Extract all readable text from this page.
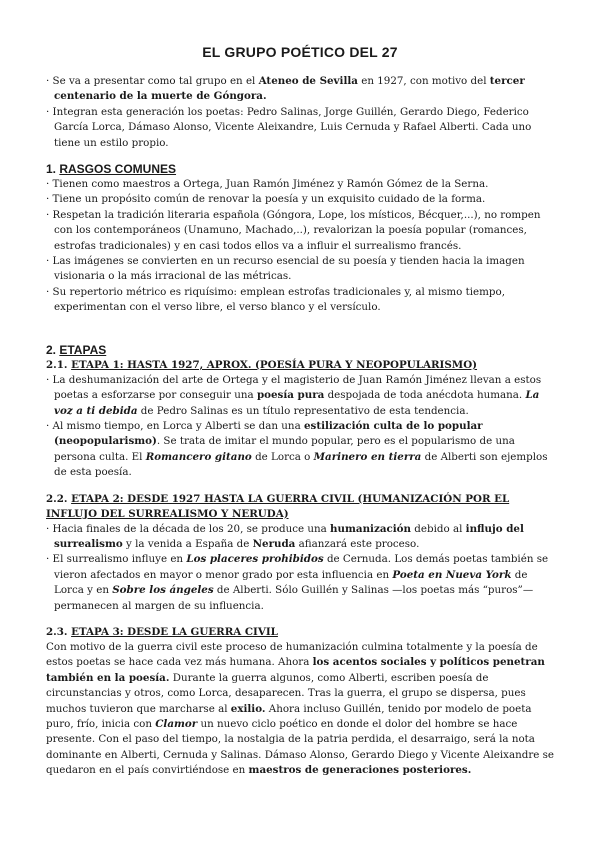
EL GRUPO POÉTICO DEL 27

· Se va a presentar como tal grupo en el Ateneo de Sevilla en 1927, con motivo del tercer centenario de la muerte de Góngora.

· Integran esta generación los poetas: Pedro Salinas, Jorge Guillén, Gerardo Diego, Federico García Lorca, Dámaso Alonso, Vicente Aleixandre, Luis Cernuda y Rafael Alberti. Cada uno tiene un estilo propio.

1. RASGOS COMUNES

· Tienen como maestros a Ortega, Juan Ramón Jiménez y Ramón Gómez de la Serna.

· Tiene un propósito común de renovar la poesía y un exquisito cuidado de la forma.

· Respetan la tradición literaria española (Góngora, Lope, los místicos, Bécquer,...), no rompen con los contemporáneos (Unamuno, Machado,..), revalorizan la poesía popular (romances, estrofas tradicionales) y en casi todos ellos va a influir el surrealismo francés.

· Las imágenes se convierten en un recurso esencial de su poesía y tienden hacia la imagen visionaria o la más irracional de las métricas.

· Su repertorio métrico es riquísimo: emplean estrofas tradicionales y, al mismo tiempo, experimentan con el verso libre, el verso blanco y el versículo.

2. ETAPAS

2.1. ETAPA 1: HASTA 1927, APROX. (POESÍA PURA Y NEOPOPULARISMO)

· La deshumanización del arte de Ortega y el magisterio de Juan Ramón Jiménez llevan a estos poetas a esforzarse por conseguir una poesía pura despojada de toda anécdota humana. La voz a ti debida de Pedro Salinas es un título representativo de esta tendencia.

· Al mismo tiempo, en Lorca y Alberti se dan una estilización culta de lo popular (neopopularismo). Se trata de imitar el mundo popular, pero es el popularismo de una persona culta. El Romancero gitano de Lorca o Marinero en tierra de Alberti son ejemplos de esta poesía.

2.2. ETAPA 2: DESDE 1927 HASTA LA GUERRA CIVIL (HUMANIZACIÓN POR EL INFLUJO DEL SURREALISMO Y NERUDA)

· Hacia finales de la década de los 20, se produce una humanización debido al influjo del surrealismo y la venida a España de Neruda afianzará este proceso.

· El surrealismo influye en Los placeres prohibidos de Cernuda. Los demás poetas también se vieron afectados en mayor o menor grado por esta influencia en Poeta en Nueva York de Lorca y en Sobre los ángeles de Alberti. Sólo Guillén y Salinas —los poetas más “puros”— permanecen al margen de su influencia.

2.3. ETAPA 3: DESDE LA GUERRA CIVIL

Con motivo de la guerra civil este proceso de humanización culmina totalmente y la poesía de estos poetas se hace cada vez más humana. Ahora los acentos sociales y políticos penetran también en la poesía. Durante la guerra algunos, como Alberti, escriben poesía de circunstancias y otros, como Lorca, desaparecen. Tras la guerra, el grupo se dispersa, pues muchos tuvieron que marcharse al exilio. Ahora incluso Guillén, tenido por modelo de poeta puro, frío, inicia con Clamor un nuevo ciclo poético en donde el dolor del hombre se hace presente. Con el paso del tiempo, la nostalgia de la patria perdida, el desarraigo, será la nota dominante en Alberti, Cernuda y Salinas. Dámaso Alonso, Gerardo Diego y Vicente Aleixandre se quedaron en el país convirtiéndose en maestros de generaciones posteriores.
